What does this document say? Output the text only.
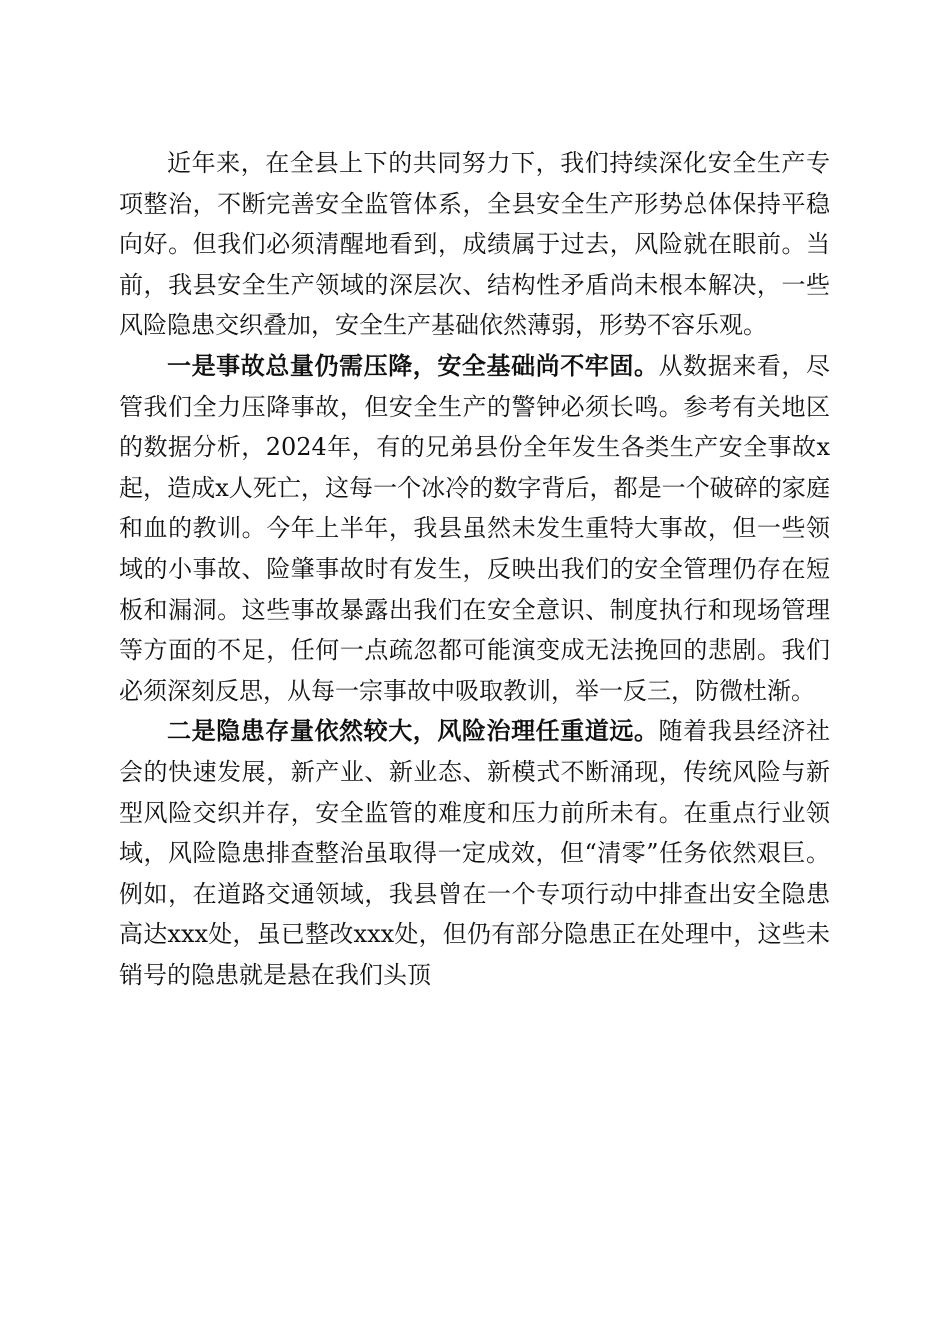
近年来，在全县上下的共同努力下，我们持续深化安全生产专项整治，不断完善安全监管体系，全县安全生产形势总体保持平稳向好。但我们必须清醒地看到，成绩属于过去，风险就在眼前。当前，我县安全生产领域的深层次、结构性矛盾尚未根本解决，一些风险隐患交织叠加，安全生产基础依然薄弱，形势不容乐观。

一是事故总量仍需压降，安全基础尚不牢固。从数据来看，尽管我们全力压降事故，但安全生产的警钟必须长鸣。参考有关地区的数据分析，2024年，有的兄弟县份全年发生各类生产安全事故x起，造成x人死亡，这每一个冰冷的数字背后，都是一个破碎的家庭和血的教训。今年上半年，我县虽然未发生重特大事故，但一些领域的小事故、险肇事故时有发生，反映出我们的安全管理仍存在短板和漏洞。这些事故暴露出我们在安全意识、制度执行和现场管理等方面的不足，任何一点疏忽都可能演变成无法挽回的悲剧。我们必须深刻反思，从每一宗事故中吸取教训，举一反三，防微杜渐。

二是隐患存量依然较大，风险治理任重道远。随着我县经济社会的快速发展，新产业、新业态、新模式不断涌现，传统风险与新型风险交织并存，安全监管的难度和压力前所未有。在重点行业领域，风险隐患排查整治虽取得一定成效，但“清零”任务依然艰巨。例如，在道路交通领域，我县曾在一个专项行动中排查出安全隐患高达xxx处，虽已整改xxx处，但仍有部分隐患正在处理中，这些未销号的隐患就是悬在我们头顶
